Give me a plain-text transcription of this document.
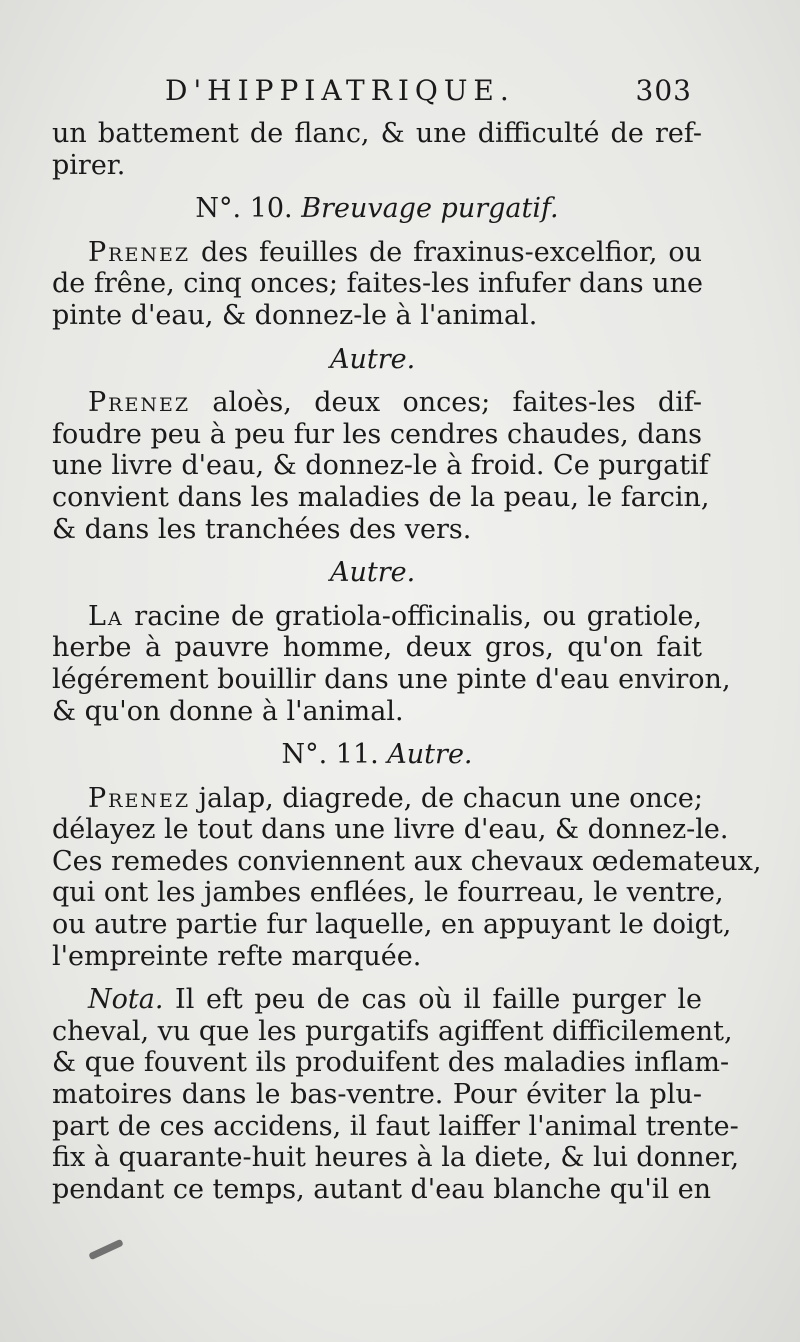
D'HIPPIATRIQUE.	303
un battement de flanc, & une difficulté de ref-
pirer.
N°. 10. Breuvage purgatif.
Prenez des feuilles de fraxinus-excelfior, ou
de frêne, cinq onces; faites-les infufer dans une
pinte d'eau, & donnez-le à l'animal.
Autre.
Prenez aloès, deux onces; faites-les dif-
foudre peu à peu fur les cendres chaudes, dans
une livre d'eau, & donnez-le à froid. Ce purgatif
convient dans les maladies de la peau, le farcin,
& dans les tranchées des vers.
Autre.
La racine de gratiola-officinalis, ou gratiole,
herbe à pauvre homme, deux gros, qu'on fait
légérement bouillir dans une pinte d'eau environ,
& qu'on donne à l'animal.
N°. 11. Autre.
Prenez jalap, diagrede, de chacun une once;
délayez le tout dans une livre d'eau, & donnez-le.
Ces remedes conviennent aux chevaux œdemateux,
qui ont les jambes enflées, le fourreau, le ventre,
ou autre partie fur laquelle, en appuyant le doigt,
l'empreinte refte marquée.
Nota. Il eft peu de cas où il faille purger le
cheval, vu que les purgatifs agiffent difficilement,
& que fouvent ils produifent des maladies inflam-
matoires dans le bas-ventre. Pour éviter la plu-
part de ces accidens, il faut laiffer l'animal trente-
fix à quarante-huit heures à la diete, & lui donner,
pendant ce temps, autant d'eau blanche qu'il en
